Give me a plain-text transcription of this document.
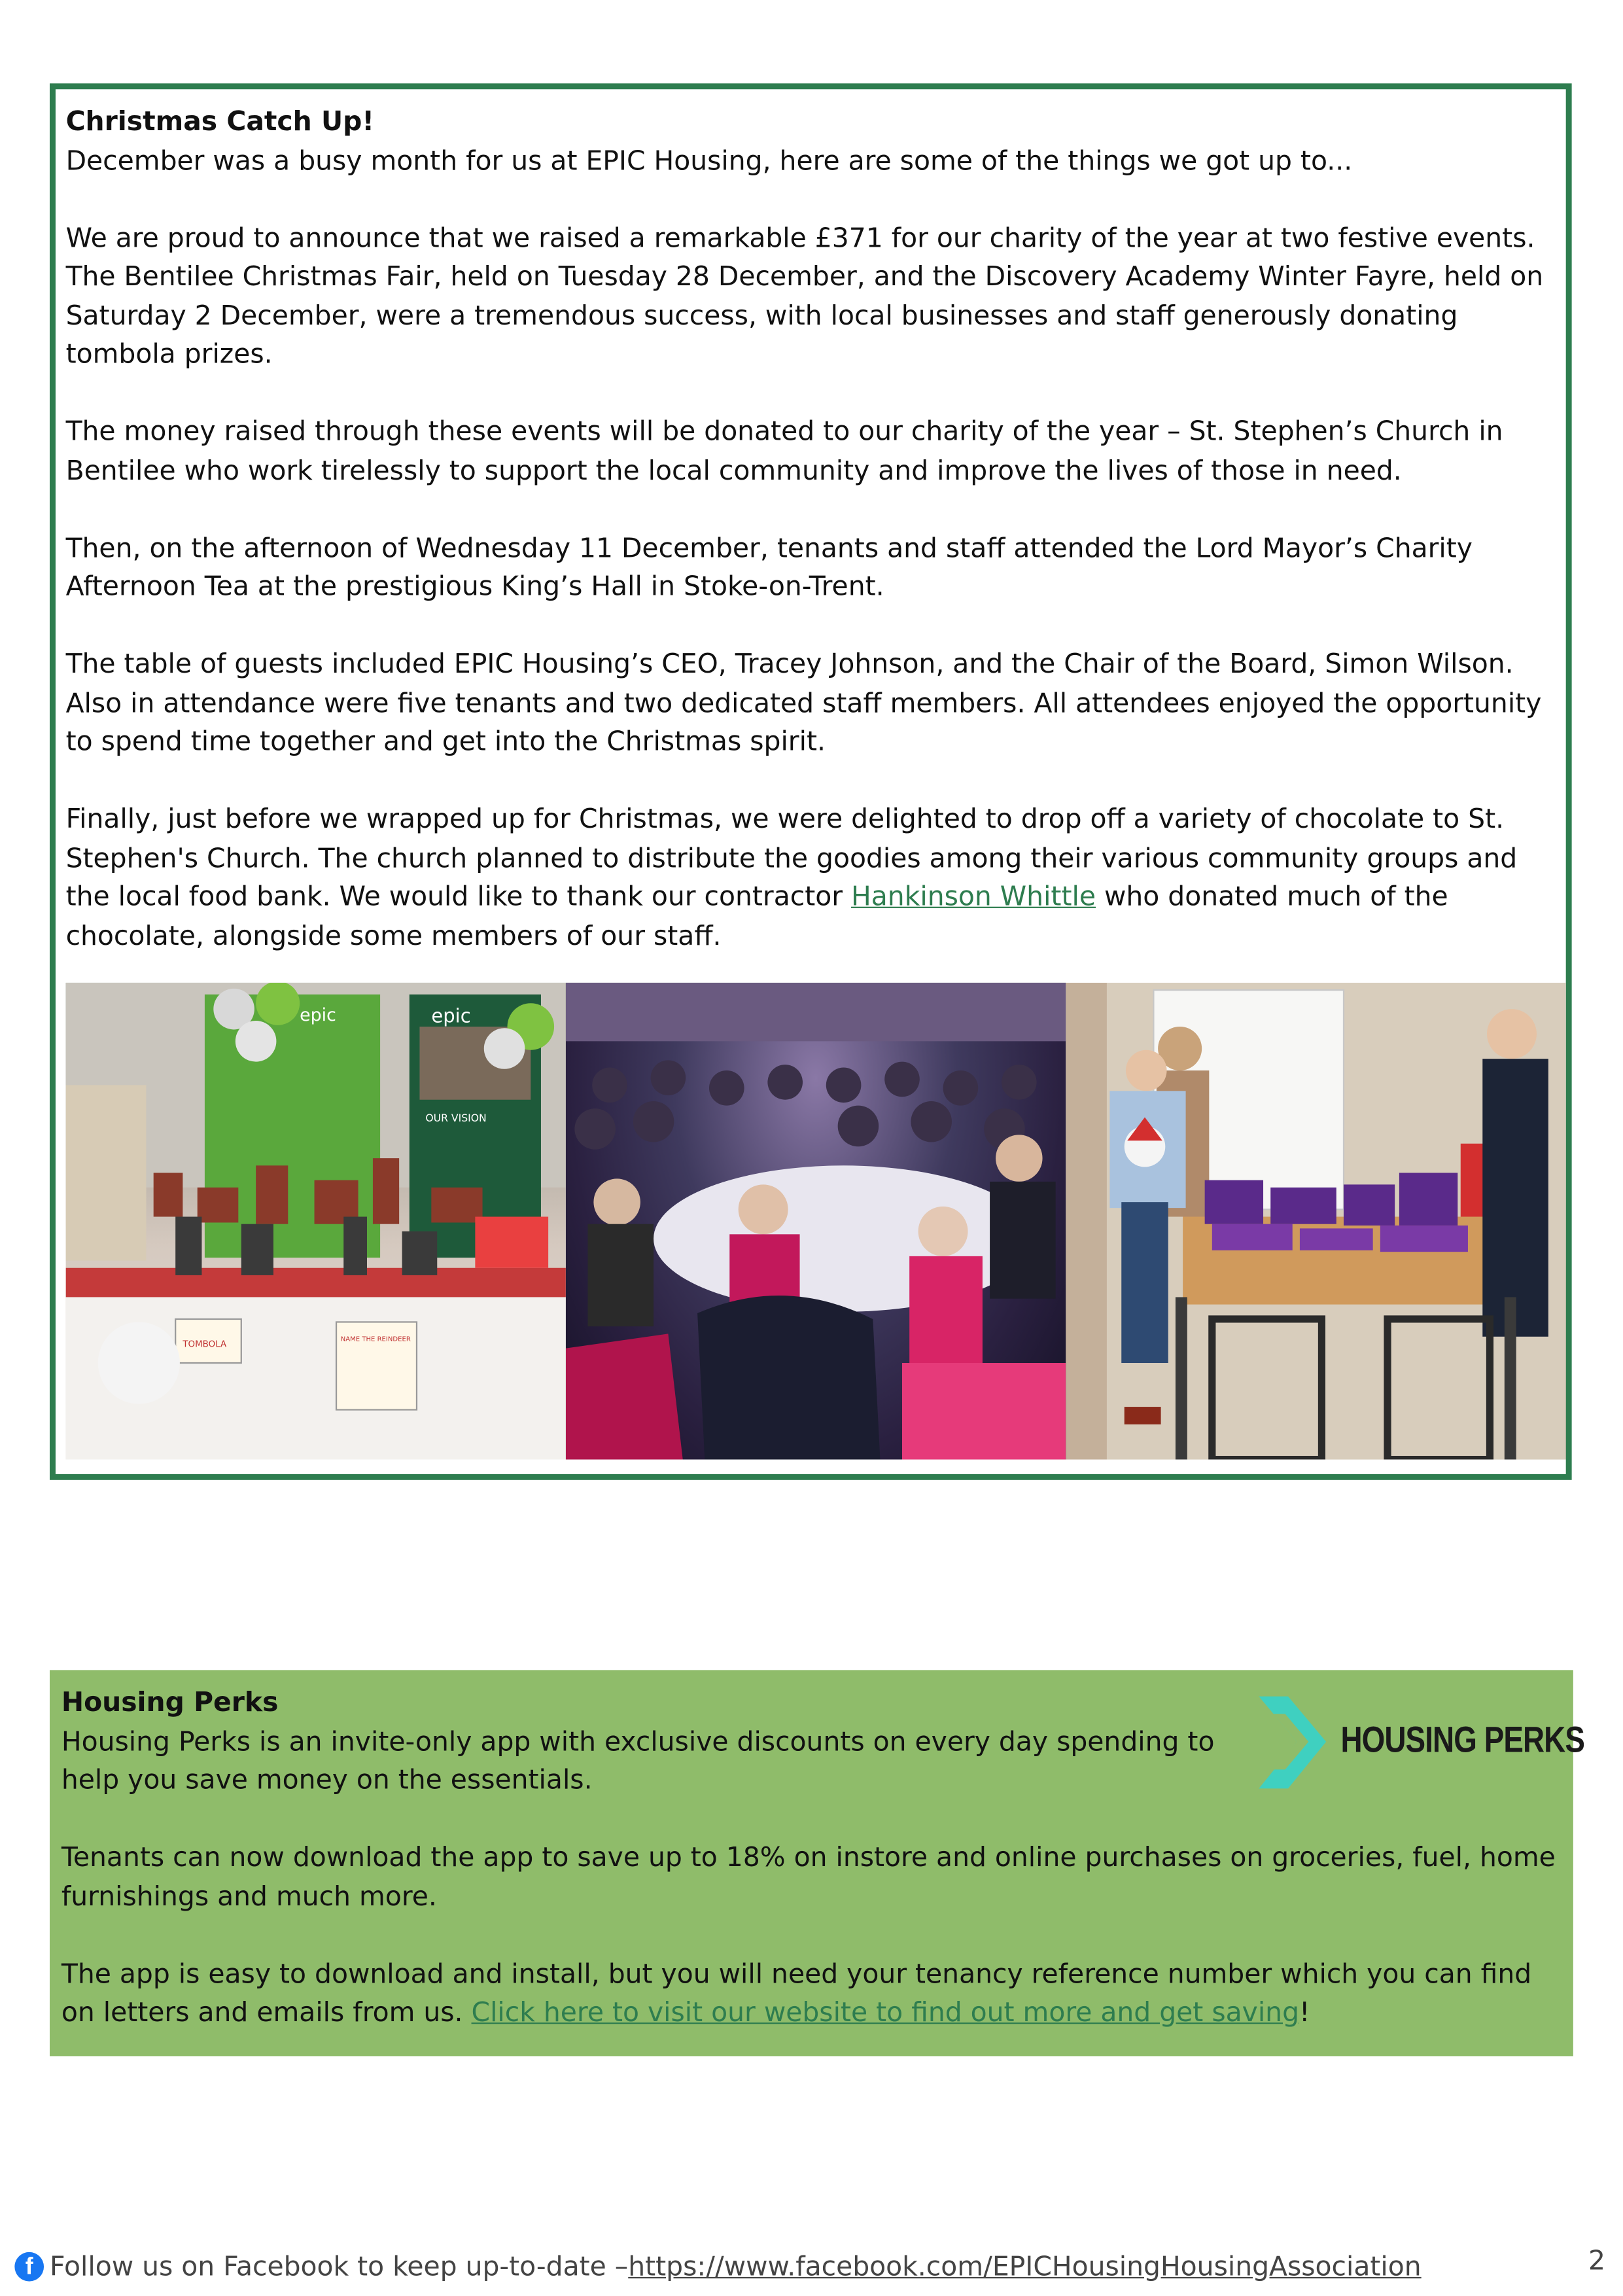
Christmas Catch Up!
December was a busy month for us at EPIC Housing, here are some of the things we got up to...

We are proud to announce that we raised a remarkable £371 for our charity of the year at two festive events. The Bentilee Christmas Fair, held on Tuesday 28 December, and the Discovery Academy Winter Fayre, held on Saturday 2 December, were a tremendous success, with local businesses and staff generously donating tombola prizes.

The money raised through these events will be donated to our charity of the year – St. Stephen’s Church in Bentilee who work tirelessly to support the local community and improve the lives of those in need.

Then, on the afternoon of Wednesday 11 December, tenants and staff attended the Lord Mayor’s Charity Afternoon Tea at the prestigious King’s Hall in Stoke-on-Trent.

The table of guests included EPIC Housing’s CEO, Tracey Johnson, and the Chair of the Board, Simon Wilson. Also in attendance were five tenants and two dedicated staff members. All attendees enjoyed the opportunity to spend time together and get into the Christmas spirit.

Finally, just before we wrapped up for Christmas, we were delighted to drop off a variety of chocolate to St. Stephen's Church. The church planned to distribute the goodies among their various community groups and the local food bank. We would like to thank our contractor Hankinson Whittle who donated much of the chocolate, alongside some members of our staff.

epic	epic
OUR VISION
TOMBOLA
NAME THE REINDEER
HOUSING PERKS

Housing Perks
Housing Perks is an invite-only app with exclusive discounts on every day spending to help you save money on the essentials.

Tenants can now download the app to save up to 18% on instore and online purchases on groceries, fuel, home furnishings and much more.

The app is easy to download and install, but you will need your tenancy reference number which you can find on letters and emails from us. Click here to visit our website to find out more and get saving!

f	Follow us on Facebook to keep up-to-date – https://www.facebook.com/EPICHousingHousingAssociation	2
